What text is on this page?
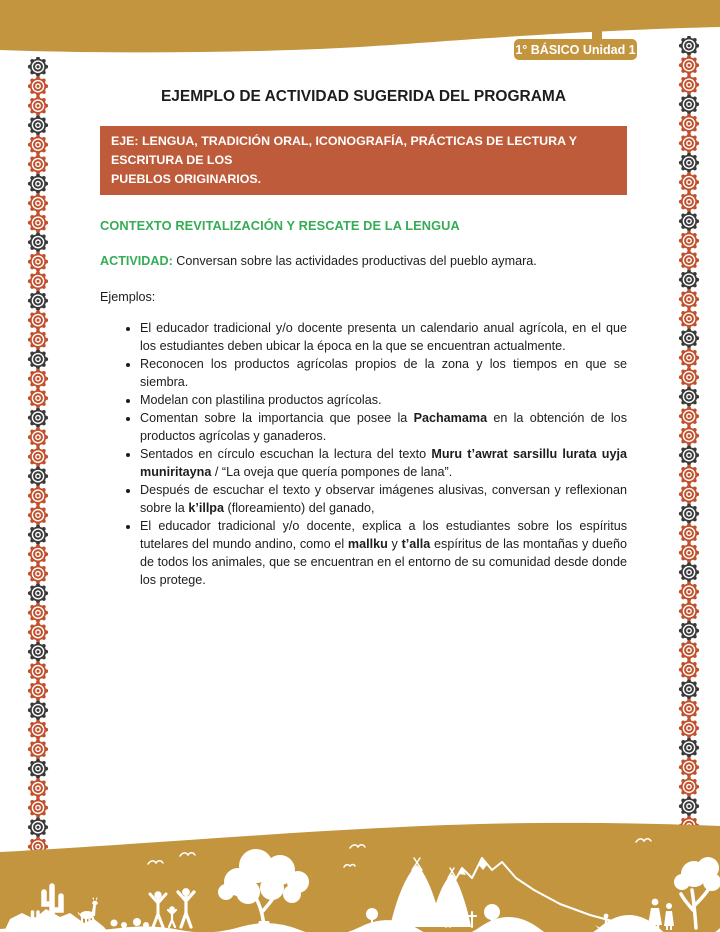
1° BÁSICO Unidad 1
EJEMPLO DE ACTIVIDAD SUGERIDA DEL PROGRAMA
EJE: LENGUA, TRADICIÓN ORAL, ICONOGRAFÍA, PRÁCTICAS DE LECTURA Y ESCRITURA DE LOS
PUEBLOS ORIGINARIOS.
CONTEXTO REVITALIZACIÓN Y RESCATE DE LA LENGUA

ACTIVIDAD: Conversan sobre las actividades productivas del pueblo aymara.

Ejemplos:

• El educador tradicional y/o docente presenta un calendario anual agrícola, en el que los estudiantes deben ubicar la época en la que se encuentran actualmente.
• Reconocen los productos agrícolas propios de la zona y los tiempos en que se siembra.
• Modelan con plastilina productos agrícolas.
• Comentan sobre la importancia que posee la Pachamama en la obtención de los productos agrícolas y ganaderos.
• Sentados en círculo escuchan la lectura del texto Muru t’awrat sarsillu lurata uyja muniritayna / “La oveja que quería pompones de lana”.
• Después de escuchar el texto y observar imágenes alusivas, conversan y reflexionan sobre la k’illpa (floreamiento) del ganado,
• El educador tradicional y/o docente, explica a los estudiantes sobre los espíritus tutelares del mundo andino, como el mallku y t’alla espíritus de las montañas y dueño de todos los animales, que se encuentran en el entorno de su comunidad desde donde los protege.
